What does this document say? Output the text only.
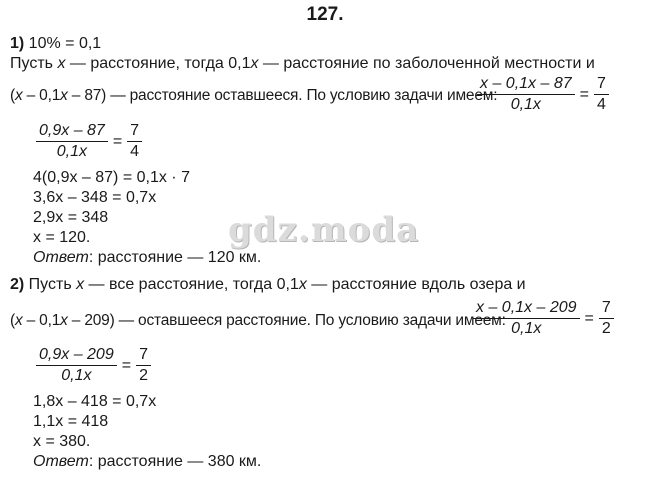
127.
1) 10% = 0,1
Пусть x — расстояние, тогда 0,1x — расстояние по заболоченной местности и
(x – 0,1x – 87) — расстояние оставшееся. По условию задачи имеем:
$\frac{x - 0,1x - 87}{0,1x} = \frac{7}{4}$
$\frac{0,9x - 87}{0,1x} = \frac{7}{4}$
4(0,9x – 87) = 0,1x · 7
3,6x – 348 = 0,7x
2,9x = 348
x = 120.
Ответ: расстояние — 120 км.
2) Пусть x — все расстояние, тогда 0,1x — расстояние вдоль озера и
(x – 0,1x – 209) — оставшееся расстояние. По условию задачи имеем:
$\frac{x - 0,1x - 209}{0,1x} = \frac{7}{2}$
$\frac{0,9x - 209}{0,1x} = \frac{7}{2}$
1,8x – 418 = 0,7x
1,1x = 418
x = 380.
Ответ: расстояние — 380 км.
gdz.moda
